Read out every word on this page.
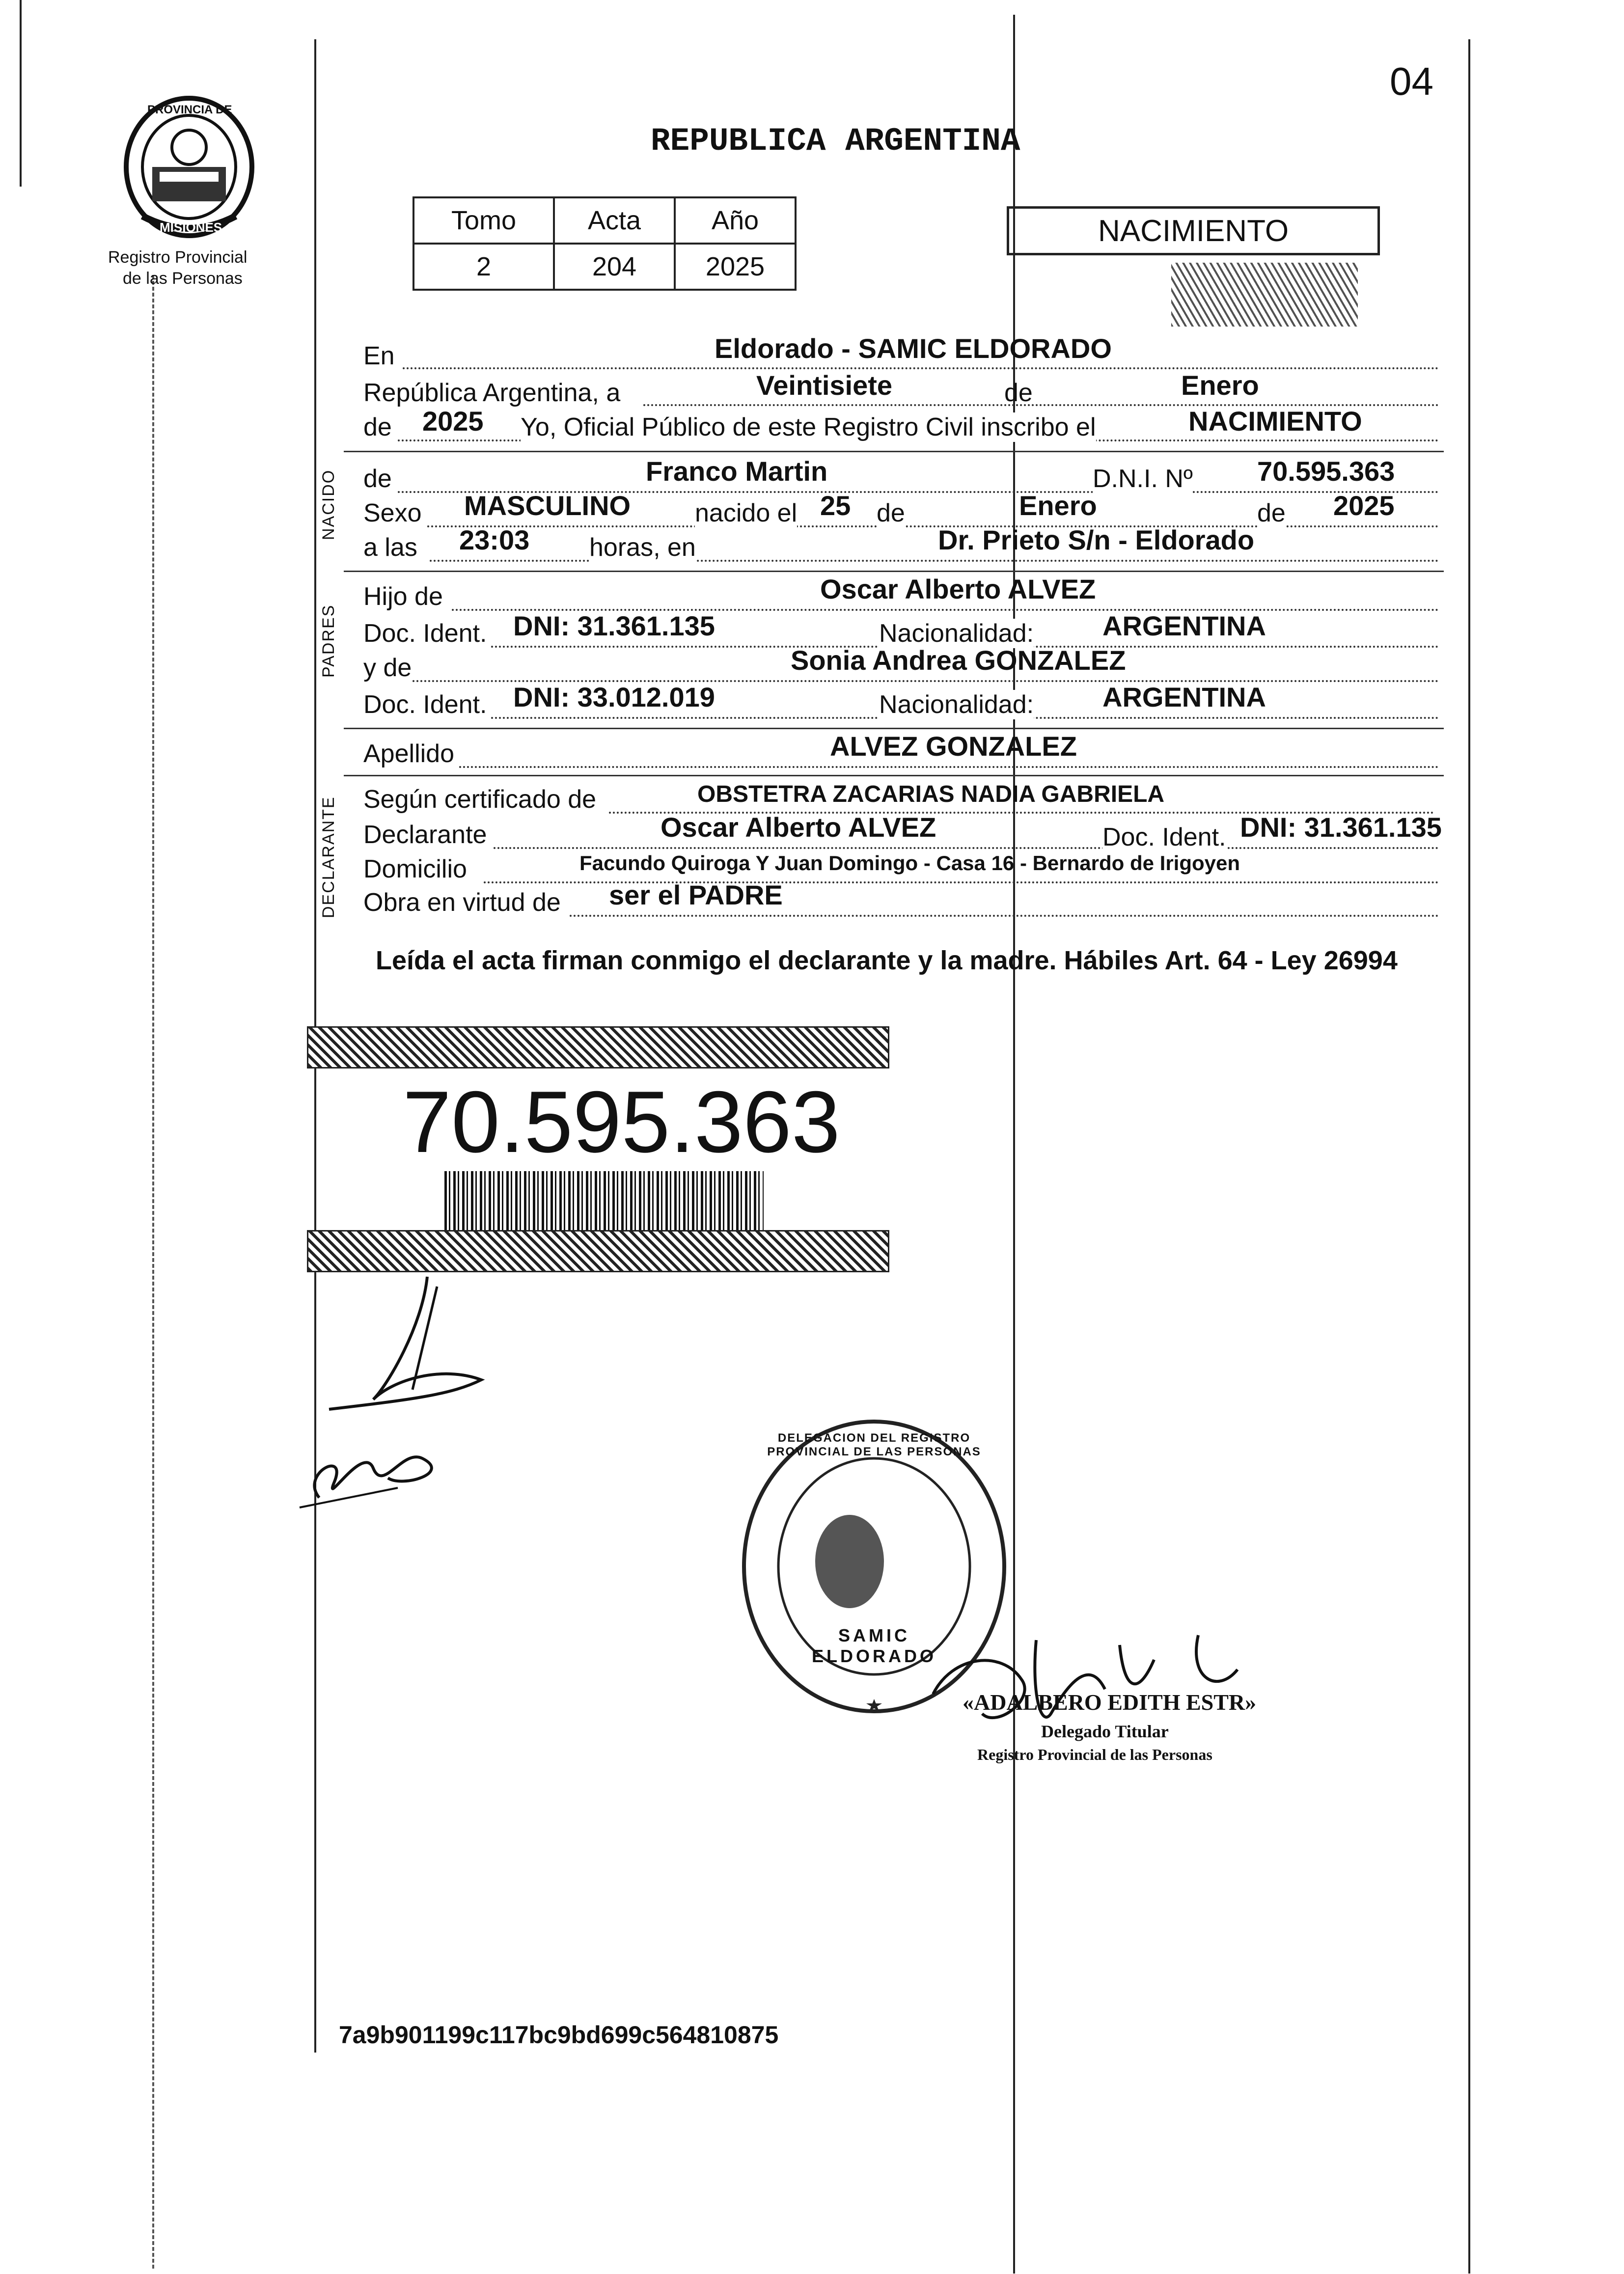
04
PROVINCIA DE
MISIONES
Registro Provincial
de las Personas
REPUBLICA ARGENTINA
Tomo	Acta	Año
2	204	2025
NACIMIENTO
En	Eldorado - SAMIC ELDORADO
República Argentina, a	Veintisiete	de	Enero
de 2025 Yo, Oficial Público de este Registro Civil inscribo el	NACIMIENTO
NACIDO de	Franco Martin	D.N.I. Nº 70.595.363
Sexo MASCULINO	nacido el 25 de	Enero	de 2025
a las 23:03 horas, en	Dr. Prieto S/n - Eldorado
PADRES
Hijo de	Oscar Alberto ALVEZ
Doc. Ident. DNI: 31.361.135	Nacionalidad: ARGENTINA
y de	Sonia Andrea GONZALEZ
Doc. Ident. DNI: 33.012.019	Nacionalidad: ARGENTINA
Apellido	ALVEZ GONZALEZ
DECLARANTE Según certificado de	OBSTETRA ZACARIAS NADIA GABRIELA
Declarante	Oscar Alberto ALVEZ	Doc. Ident. DNI: 31.361.135
Domicilio	Facundo Quiroga Y Juan Domingo - Casa 16 - Bernardo de Irigoyen
Obra en virtud de ser el PADRE
Leída el acta firman conmigo el declarante y la madre. Hábiles Art. 64 - Ley 26994
70.595.363
DELEGACION DEL REGISTRO PROVINCIAL DE LAS PERSONAS
SAMIC ELDORADO
«ADALBERO EDITH ESTR»
Delegado Titular
Registro Provincial de las Personas
7a9b901199c117bc9bd699c564810875
